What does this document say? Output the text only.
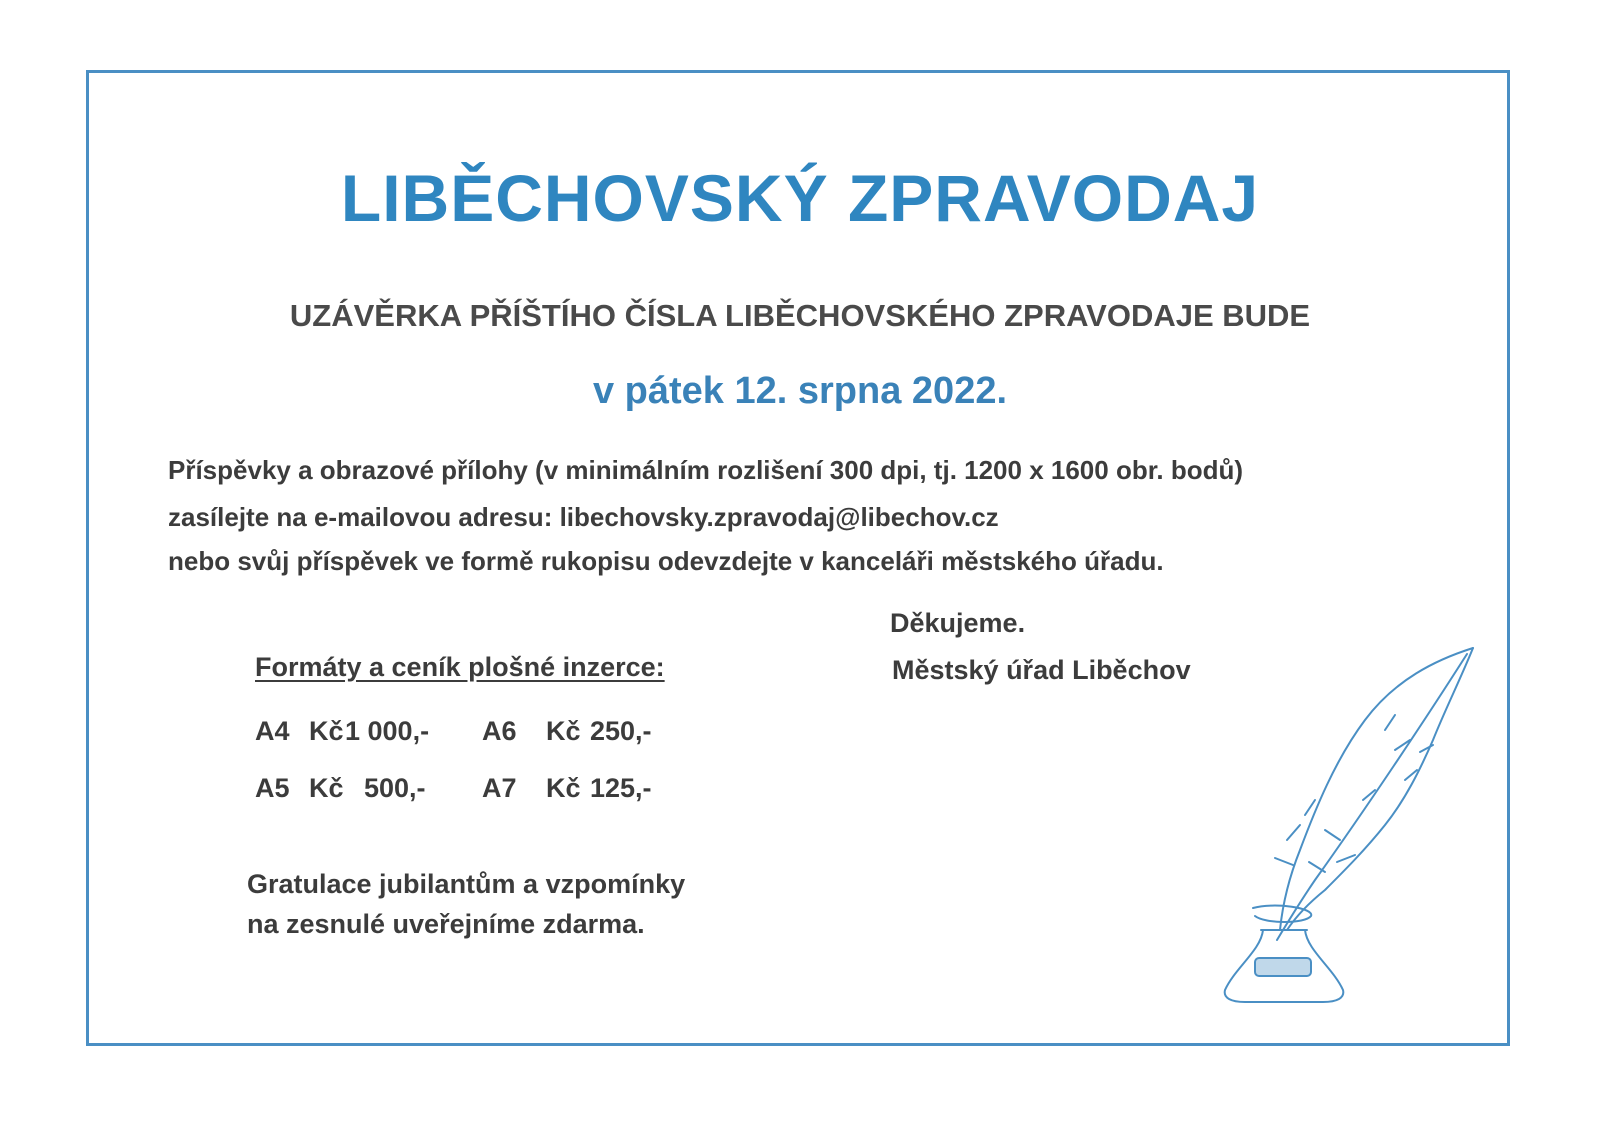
LIBĚCHOVSKÝ ZPRAVODAJ
UZÁVĚRKA PŘÍŠTÍHO ČÍSLA LIBĚCHOVSKÉHO ZPRAVODAJE BUDE
v pátek 12. srpna 2022.
Příspěvky a obrazové přílohy (v minimálním rozlišení 300 dpi, tj. 1200 x 1600 obr. bodů)
zasílejte na e-mailovou adresu: libechovsky.zpravodaj@libechov.cz
nebo svůj příspěvek ve formě rukopisu odevzdejte v kanceláři městského úřadu.
Děkujeme.
Městský úřad Liběchov
Formáty a ceník plošné inzerce:
A4 Kč 1 000,- A6 Kč 250,-
A5 Kč 500,- A7 Kč 125,-
Gratulace jubilantům a vzpomínky
na zesnulé uveřejníme zdarma.
